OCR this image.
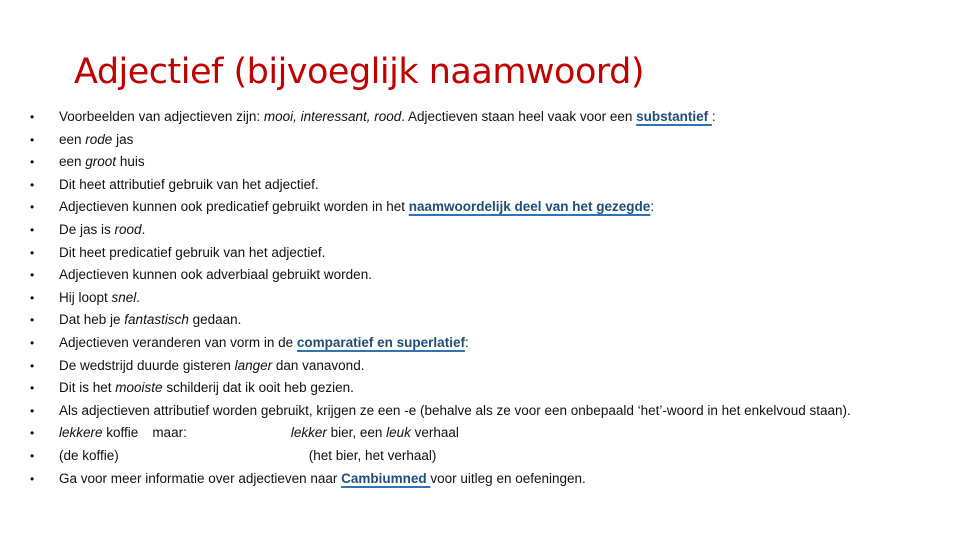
Adjectief (bijvoeglijk naamwoord)
• Voorbeelden van adjectieven zijn: mooi, interessant, rood. Adjectieven staan heel vaak voor een substantief :
• een rode jas
• een groot huis
• Dit heet attributief gebruik van het adjectief.
• Adjectieven kunnen ook predicatief gebruikt worden in het naamwoordelijk deel van het gezegde:
• De jas is rood.
• Dit heet predicatief gebruik van het adjectief.
• Adjectieven kunnen ook adverbiaal gebruikt worden.
• Hij loopt snel.
• Dat heb je fantastisch gedaan.
• Adjectieven veranderen van vorm in de comparatief en superlatief:
• De wedstrijd duurde gisteren langer dan vanavond.
• Dit is het mooiste schilderij dat ik ooit heb gezien.
• Als adjectieven attributief worden gebruikt, krijgen ze een -e (behalve als ze voor een onbepaald ‘het’-woord in het enkelvoud staan).
• lekkere koffie maar:	lekker bier, een leuk verhaal
• (de koffie)	(het bier, het verhaal)
• Ga voor meer informatie over adjectieven naar Cambiumned voor uitleg en oefeningen.
